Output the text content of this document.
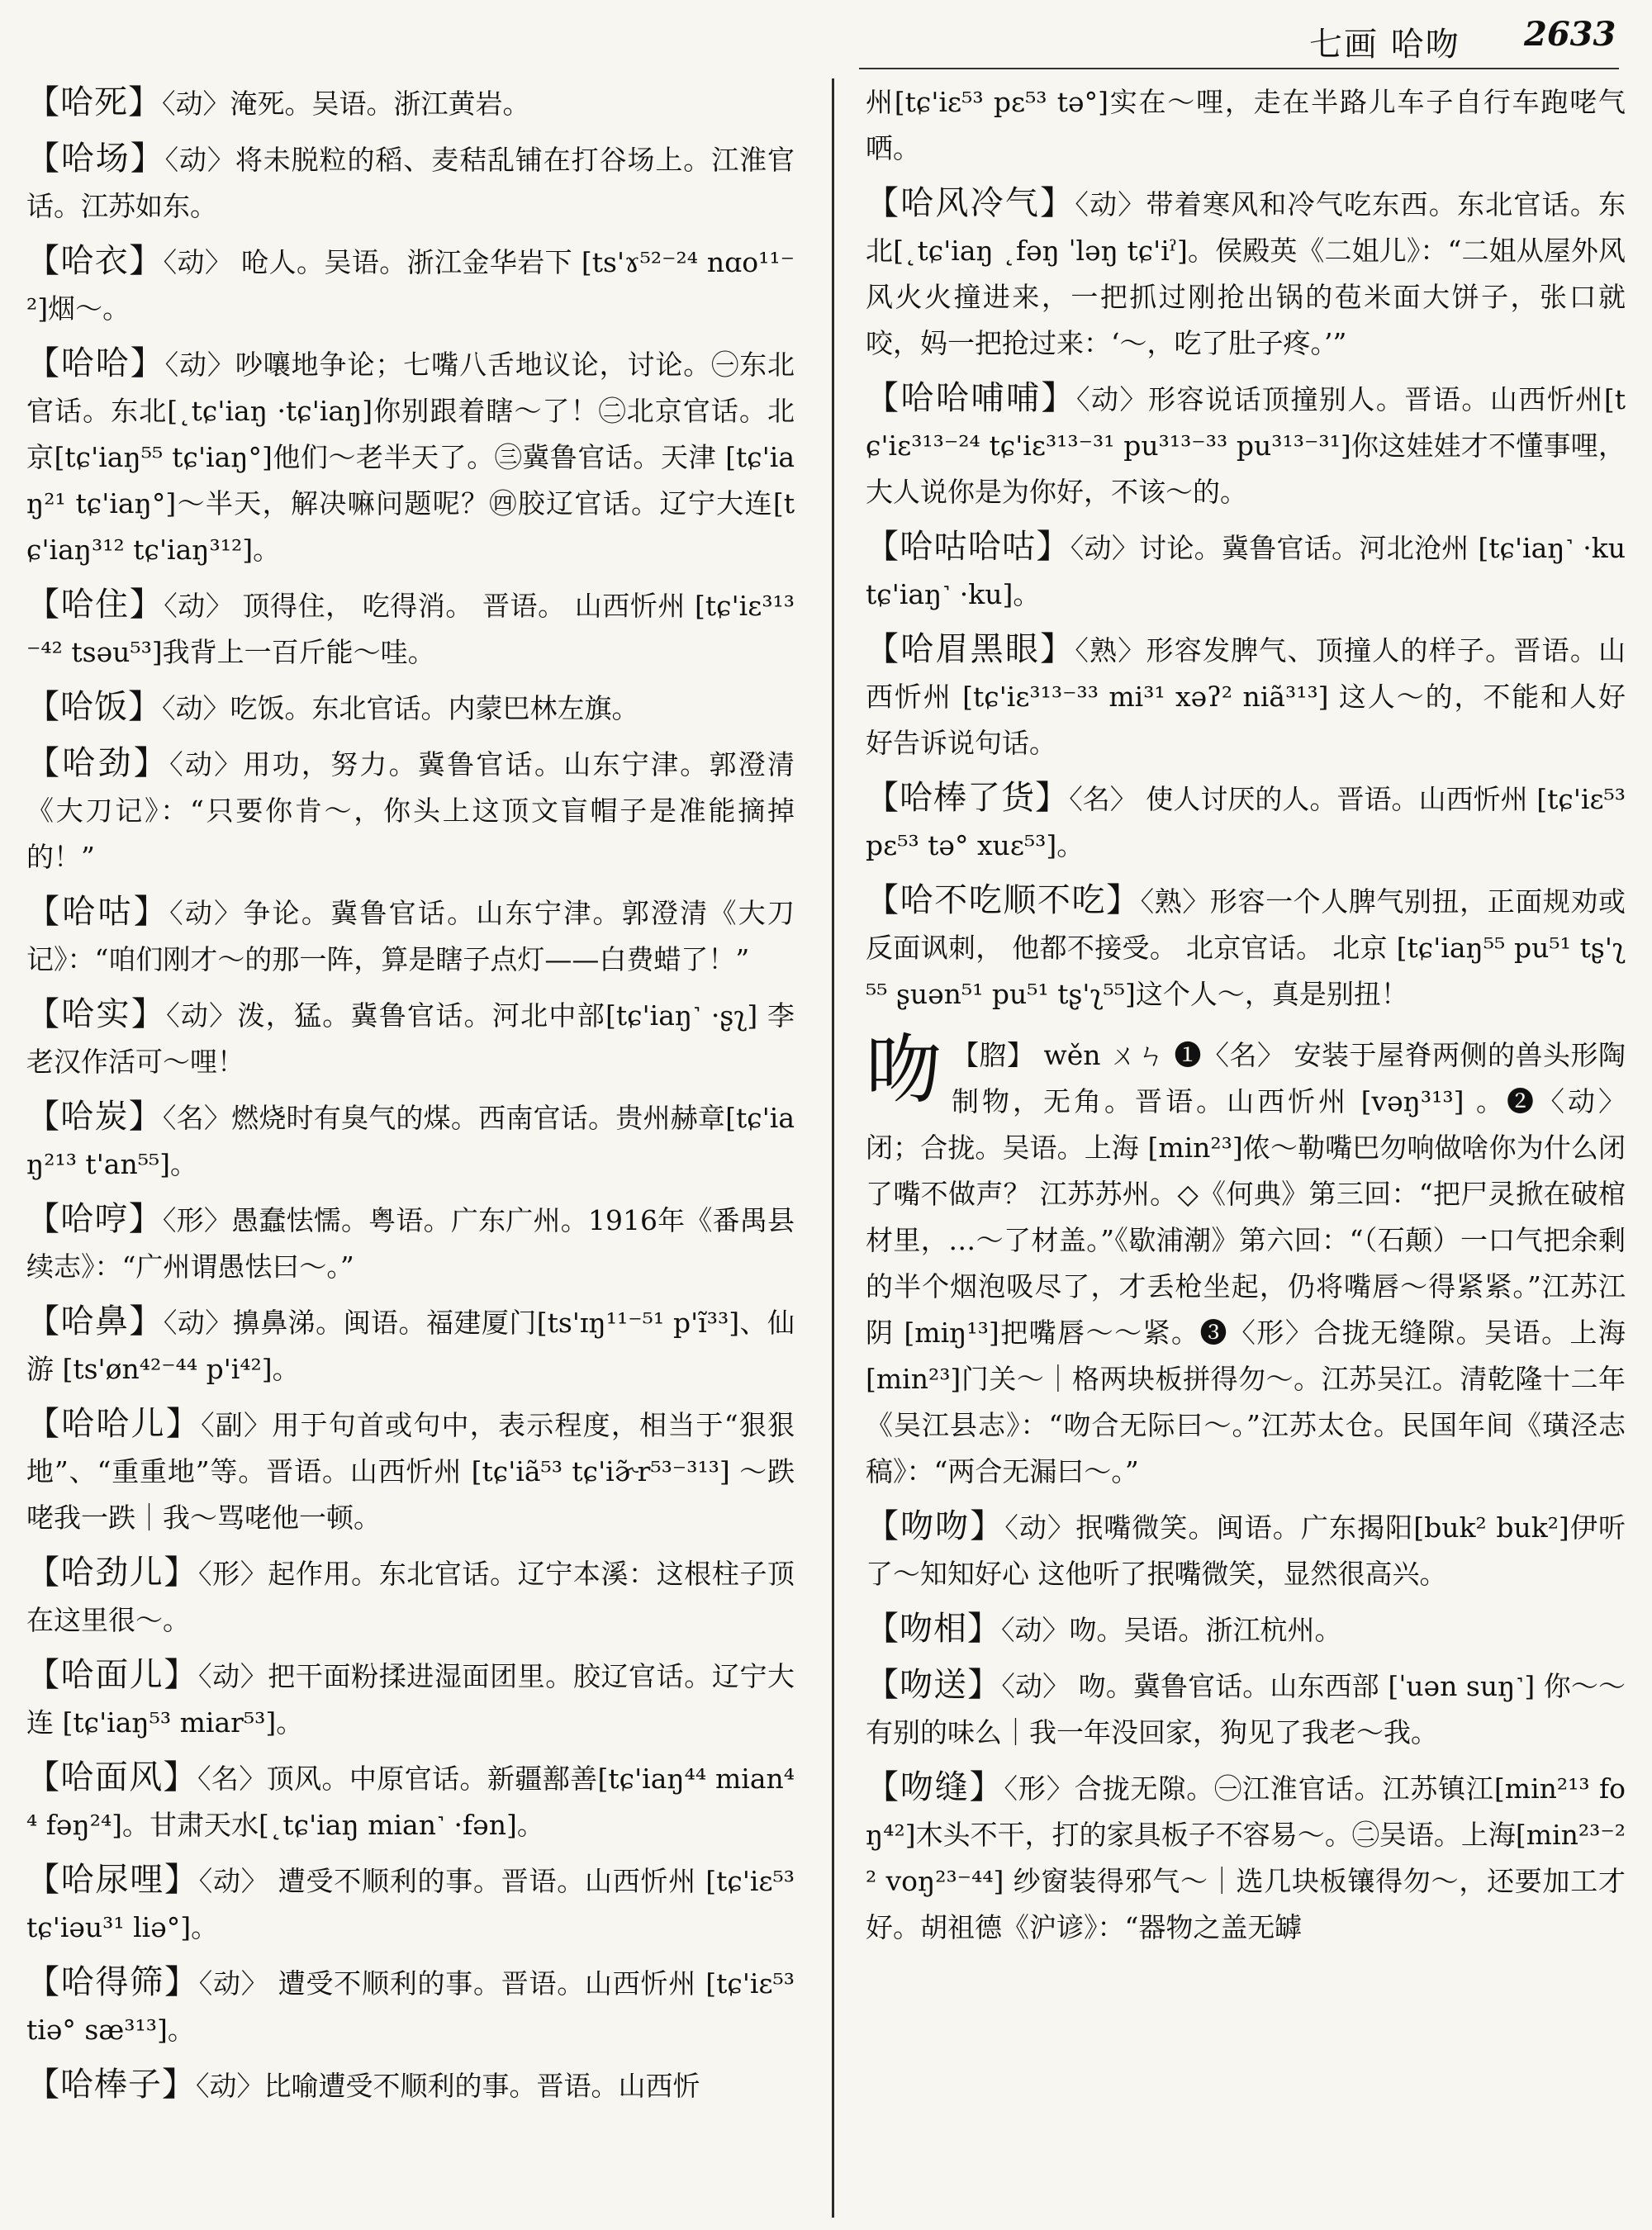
七画 哈吻 2633
【 哈死 】 〈动〉淹死。吴语。浙江黄岩。
【 哈场 】 〈动〉将未脱粒的稻、麦秸乱铺在打谷场上。江淮官话。江苏如东。
【 哈衣 】 〈动〉 呛人。吴语。浙江金华岩下 [ts'ɤ⁵²⁻²⁴ nɑo¹¹⁻²]烟～。
【 哈哈 】 〈动〉吵嚷地争论；七嘴八舌地议论，讨论。㊀东北官话。东北[˛tɕ'iaŋ ·tɕ'iaŋ]你别跟着瞎～了！㊁北京官话。北京[tɕ'iaŋ⁵⁵ tɕ'iaŋ°]他们～老半天了。㊂冀鲁官话。天津 [tɕ'iaŋ²¹ tɕ'iaŋ°]～半天，解决嘛问题呢？㊃胶辽官话。辽宁大连[tɕ'iaŋ³¹² tɕ'iaŋ³¹²]。
【 哈住 】 〈动〉 顶得住， 吃得消。 晋语。 山西忻州 [tɕ'iɛ³¹³⁻⁴² tsəu⁵³]我背上一百斤能～哇。
【 哈饭 】 〈动〉吃饭。东北官话。内蒙巴林左旗。
【 哈劲 】 〈动〉用功，努力。冀鲁官话。山东宁津。郭澄清《大刀记》：“只要你肯～，你头上这顶文盲帽子是准能摘掉的！”
【 哈咕 】 〈动〉争论。冀鲁官话。山东宁津。郭澄清《大刀记》：“咱们刚才～的那一阵，算是瞎子点灯——白费蜡了！”
【 哈实 】 〈动〉泼，猛。冀鲁官话。河北中部[tɕ'iaŋ˺ ·ʂʅ] 李老汉作活可～哩！
【 哈炭 】 〈名〉燃烧时有臭气的煤。西南官话。贵州赫章[tɕ'iaŋ²¹³ t'an⁵⁵]。
【 哈哼 】 〈形〉愚蠢怯懦。粤语。广东广州。1916年《番禺县续志》：“广州谓愚怯曰～。”
【 哈鼻 】 〈动〉擤鼻涕。闽语。福建厦门[ts'ɪŋ¹¹⁻⁵¹ p'ĩ³³]、仙游 [ts'øn⁴²⁻⁴⁴ p'i⁴²]。
【 哈哈儿 】 〈副〉用于句首或句中，表示程度，相当于“狠狠地”、“重重地”等。晋语。山西忻州 [tɕ'iã⁵³ tɕ'iɚ̃r⁵³⁻³¹³] ～跌咾我一跌｜我～骂咾他一顿。
【 哈劲儿 】 〈形〉起作用。东北官话。辽宁本溪：这根柱子顶在这里很～。
【 哈面儿 】 〈动〉把干面粉揉进湿面团里。胶辽官话。辽宁大连 [tɕ'iaŋ⁵³ miar⁵³]。
【 哈面风 】 〈名〉顶风。中原官话。新疆鄯善[tɕ'iaŋ⁴⁴ mian⁴⁴ fəŋ²⁴]。甘肃天水[˛tɕ'iaŋ mian˺ ·fən]。
【 哈尿哩 】 〈动〉 遭受不顺利的事。晋语。山西忻州 [tɕ'iɛ⁵³ tɕ'iəu³¹ liə°]。
【 哈得筛 】 〈动〉 遭受不顺利的事。晋语。山西忻州 [tɕ'iɛ⁵³ tiə° sæ³¹³]。
【 哈棒子 】 〈动〉比喻遭受不顺利的事。晋语。山西忻
州[tɕ'iɛ⁵³ pɛ⁵³ tə°]实在～哩，走在半路儿车子自行车跑咾气哂。
【 哈风冷气 】 〈动〉带着寒风和冷气吃东西。东北官话。东北[˛tɕ'iaŋ ˛fəŋ ˈləŋ tɕ'iˀ]。侯殿英《二姐儿》：“二姐从屋外风风火火撞进来，一把抓过刚抢出锅的苞米面大饼子，张口就咬，妈一把抢过来：‘～，吃了肚子疼。’”
【 哈哈哺哺 】 〈动〉形容说话顶撞别人。晋语。山西忻州[tɕ'iɛ³¹³⁻²⁴ tɕ'iɛ³¹³⁻³¹ pu³¹³⁻³³ pu³¹³⁻³¹]你这娃娃才不懂事哩，大人说你是为你好，不该～的。
【 哈咕哈咕 】 〈动〉讨论。冀鲁官话。河北沧州 [tɕ'iaŋ˺ ·ku tɕ'iaŋ˺ ·ku]。
【 哈眉黑眼 】 〈熟〉形容发脾气、顶撞人的样子。晋语。山西忻州 [tɕ'iɛ³¹³⁻³³ mi³¹ xəʔ² niã³¹³] 这人～的，不能和人好好告诉说句话。
【 哈棒了货 】 〈名〉 使人讨厌的人。晋语。山西忻州 [tɕ'iɛ⁵³ pɛ⁵³ tə° xuɛ⁵³]。
【 哈不吃顺不吃 】 〈熟〉形容一个人脾气别扭，正面规劝或反面讽刺， 他都不接受。 北京官话。 北京 [tɕ'iaŋ⁵⁵ pu⁵¹ tʂ'ʅ⁵⁵ ʂuən⁵¹ pu⁵¹ tʂ'ʅ⁵⁵]这个人～，真是别扭！
吻 【脗】 wěn ㄨㄣ ❶〈名〉 安装于屋脊两侧的兽头形陶制物，无角。晋语。山西忻州 [vəŋ³¹³] 。❷〈动〉 闭；合拢。吴语。上海 [min²³]侬～勒嘴巴勿响做啥你为什么闭了嘴不做声？ 江苏苏州。◇《何典》第三回：“把尸灵掀在破棺材里，…～了材盖。”《歇浦潮》第六回：“（石颠）一口气把余剩的半个烟泡吸尽了，才丢枪坐起，仍将嘴唇～得紧紧。”江苏江阴 [miŋ¹³]把嘴唇～～紧。❸〈形〉合拢无缝隙。吴语。上海 [min²³]门关～｜格两块板拼得勿～。江苏吴江。清乾隆十二年《吴江县志》：“吻合无际曰～。”江苏太仓。民国年间《璜泾志稿》：“两合无漏曰～。”
【 吻吻 】 〈动〉抿嘴微笑。闽语。广东揭阳[buk² buk²]伊听了～知知好心 这他听了抿嘴微笑，显然很高兴。
【 吻相 】 〈动〉吻。吴语。浙江杭州。
【 吻送 】 〈动〉 吻。冀鲁官话。山东西部 [ˈuən suŋ˺] 你～～有别的味么｜我一年没回家，狗见了我老～我。
【 吻缝 】 〈形〉合拢无隙。㊀江淮官话。江苏镇江[min²¹³ foŋ⁴²]木头不干，打的家具板子不容易～。㊁吴语。上海[min²³⁻²² voŋ²³⁻⁴⁴] 纱窗装得邪气～｜选几块板镶得勿～，还要加工才好。胡祖德《沪谚》：“器物之盖无罅
